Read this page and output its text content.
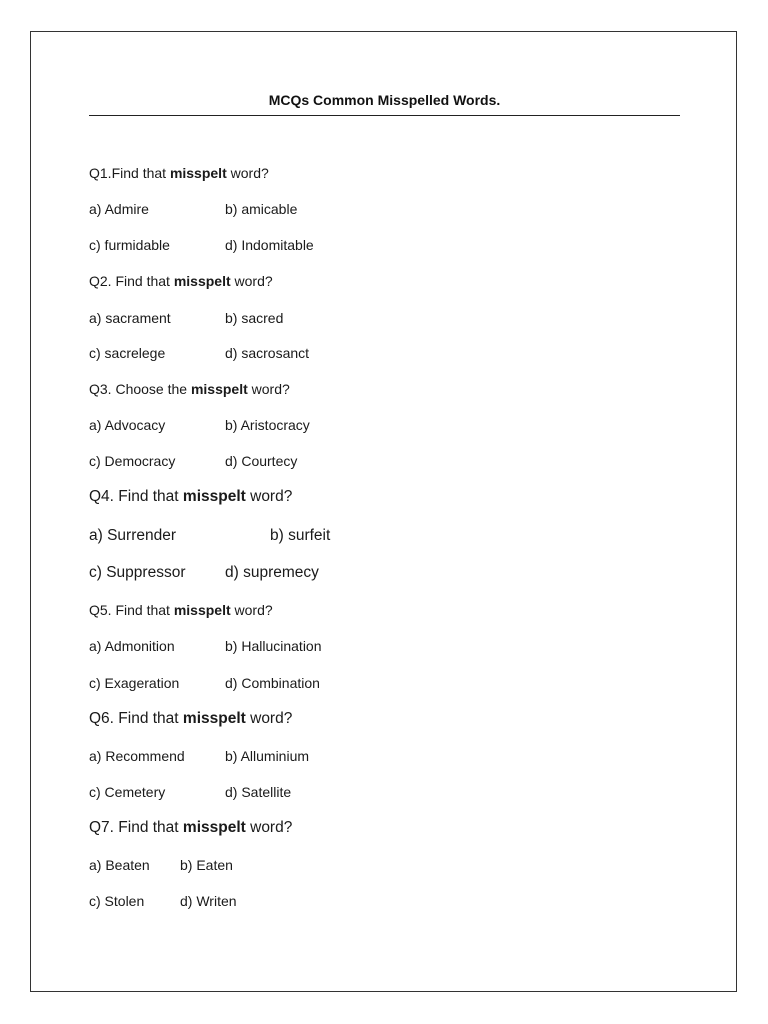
MCQs Common Misspelled Words.
Q1.Find that misspelt word?
a) Admire	b) amicable
c) furmidable	d) Indomitable
Q2. Find that misspelt word?
a) sacrament	b) sacred
c) sacrelege	d) sacrosanct
Q3. Choose the misspelt word?
a) Advocacy	b) Aristocracy
c) Democracy	d) Courtecy
Q4. Find that misspelt word?
a) Surrender	b) surfeit
c) Suppressor	d) supremecy
Q5. Find that misspelt word?
a) Admonition	b) Hallucination
c) Exageration	d) Combination
Q6. Find that misspelt word?
a) Recommend	b) Alluminium
c) Cemetery	d) Satellite
Q7. Find that misspelt word?
a) Beaten b) Eaten
c) Stolen	d) Writen
